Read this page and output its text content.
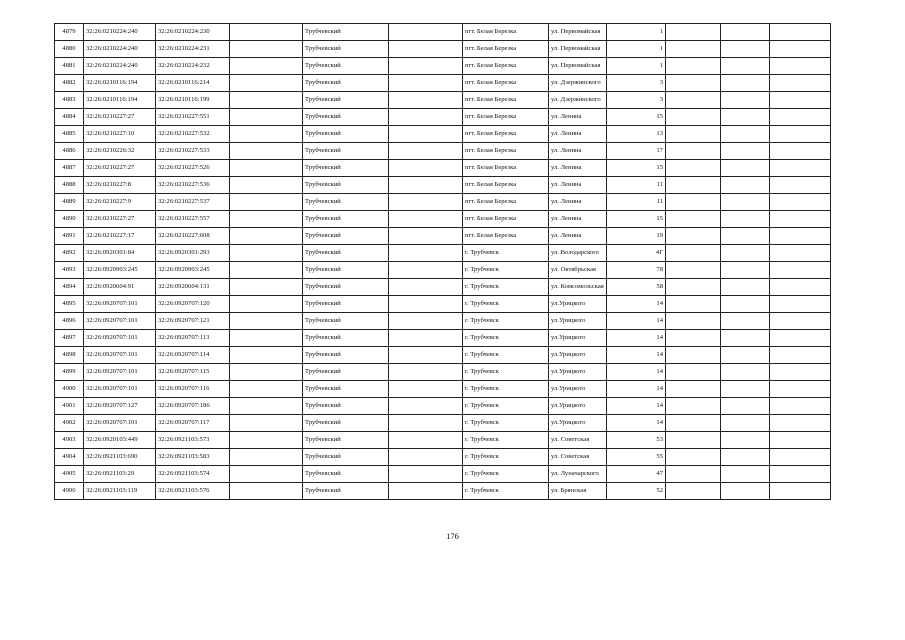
4879	32:26:0210224:240	32:26:0210224:230		Трубчевский		пгт. Белая Березка	ул. Первомайская	1			
4880	32:26:0210224:240	32:26:0210224:231		Трубчевский		пгт. Белая Березка	ул. Первомайская	1			
4881	32:26:0210224:240	32:26:0210224:232		Трубчевский		пгт. Белая Березка	ул. Первомайская	1			
4882	32:26:0210116:194	32:26:0210116:214		Трубчевский		пгт. Белая Березка	ул. Дзержинского	3			
4883	32:26:0210116:194	32:26:0210116:199		Трубчевский		пгт. Белая Березка	ул. Дзержинского	3			
4884	32:26:0210227:27	32:26:0210227:551		Трубчевский		пгт. Белая Березка	ул. Ленина	15			
4885	32:26:0210227:10	32:26:0210227:532		Трубчевский		пгт. Белая Березка	ул. Ленина	13			
4886	32:26:0210226:32	32:26:0210227:533		Трубчевский		пгт. Белая Березка	ул. Ленина	17			
4887	32:26:0210227:27	32:26:0210227:526		Трубчевский		пгт. Белая Березка	ул. Ленина	15			
4888	32:26:0210227:8	32:26:0210227:536		Трубчевский		пгт. Белая Березка	ул. Ленина	11			
4889	32:26:0210227:9	32:26:0210227:537		Трубчевский		пгт. Белая Березка	ул. Ленина	11			
4890	32:26:0210227:27	32:26:0210227:557		Трубчевский		пгт. Белая Березка	ул. Ленина	15			
4891	32:26:0210227:17	32:26:0210227:608		Трубчевский		пгт. Белая Березка	ул. Ленина	19			
4892	32:26:0920301:84	32:26:0920301:293		Трубчевский		г. Трубчевск	ул. Володарского	4Г			
4893	32:26:0920903:245	32:26:0920903:245		Трубчевский		г. Трубчевск	ул. Октябрьская	78			
4894	32:26:0920604:91	32:26:0920604:131		Трубчевский		г. Трубчевск	ул. Комсомольская	58			
4895	32:26:0920707:101	32:26:0920707:120		Трубчевский		г. Трубчевск	ул.Урицкого	14			
4896	32:26:0920707:101	32:26:0920707:121		Трубчевский		г. Трубчевск	ул.Урицкого	14			
4897	32:26:0920707:101	32:26:0920707:113		Трубчевский		г. Трубчевск	ул.Урицкого	14			
4898	32:26:0920707:101	32:26:0920707:114		Трубчевский		г. Трубчевск	ул.Урицкого	14			
4899	32:26:0920707:101	32:26:0920707:115		Трубчевский		г. Трубчевск	ул.Урицкого	14			
4900	32:26:0920707:101	32:26:0920707:116		Трубчевский		г. Трубчевск	ул.Урицкого	14			
4901	32:26:0920707:127	32:26:0920707:186		Трубчевский		г. Трубчевск	ул.Урицкого	14			
4902	32:26:0920707:101	32:26:0920707:117		Трубчевский		г. Трубчевск	ул.Урицкого	14			
4903	32:26:0920103:449	32:26:0921103:573		Трубчевский		г. Трубчевск	ул. Советская	53			
4904	32:26:0921103:690	32:26:0921103:583		Трубчевский		г. Трубчевск	ул. Советская	55			
4905	32:26:0921103:29	32:26:0921103:574		Трубчевский		г. Трубчевск	ул. Луначарского	47			
4906	32:26:0921103:119	32:26:0921103:576		Трубчевский		г. Трубчевск	ул. Брянская	52			
176
